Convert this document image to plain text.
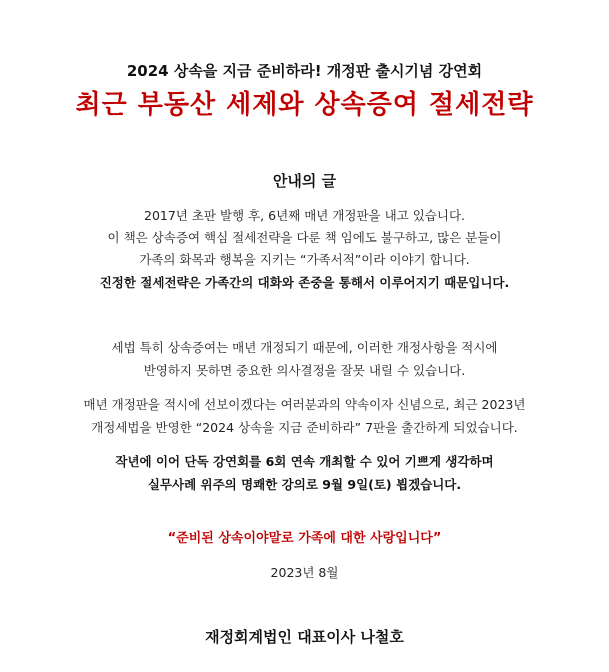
2024 상속을 지금 준비하라! 개정판 출시기념 강연회
최근 부동산 세제와 상속증여 절세전략
안내의 글
2017년 초판 발행 후, 6년째 매년 개정판을 내고 있습니다.
이 책은 상속증여 핵심 절세전략을 다룬 책 임에도 불구하고, 많은 분들이
가족의 화목과 행복을 지키는 “가족서적”이라 이야기 합니다.
진정한 절세전략은 가족간의 대화와 존중을 통해서 이루어지기 때문입니다.
세법 특히 상속증여는 매년 개정되기 때문에, 이러한 개정사항을 적시에
반영하지 못하면 중요한 의사결정을 잘못 내릴 수 있습니다.
매년 개정판을 적시에 선보이겠다는 여러분과의 약속이자 신념으로, 최근 2023년
개정세법을 반영한 “2024 상속을 지금 준비하라” 7판을 출간하게 되었습니다.
작년에 이어 단독 강연회를 6회 연속 개최할 수 있어 기쁘게 생각하며
실무사례 위주의 명쾌한 강의로 9월 9일(토) 뵙겠습니다.
“준비된 상속이야말로 가족에 대한 사랑입니다”
2023년 8월
재정회계법인 대표이사 나철호
